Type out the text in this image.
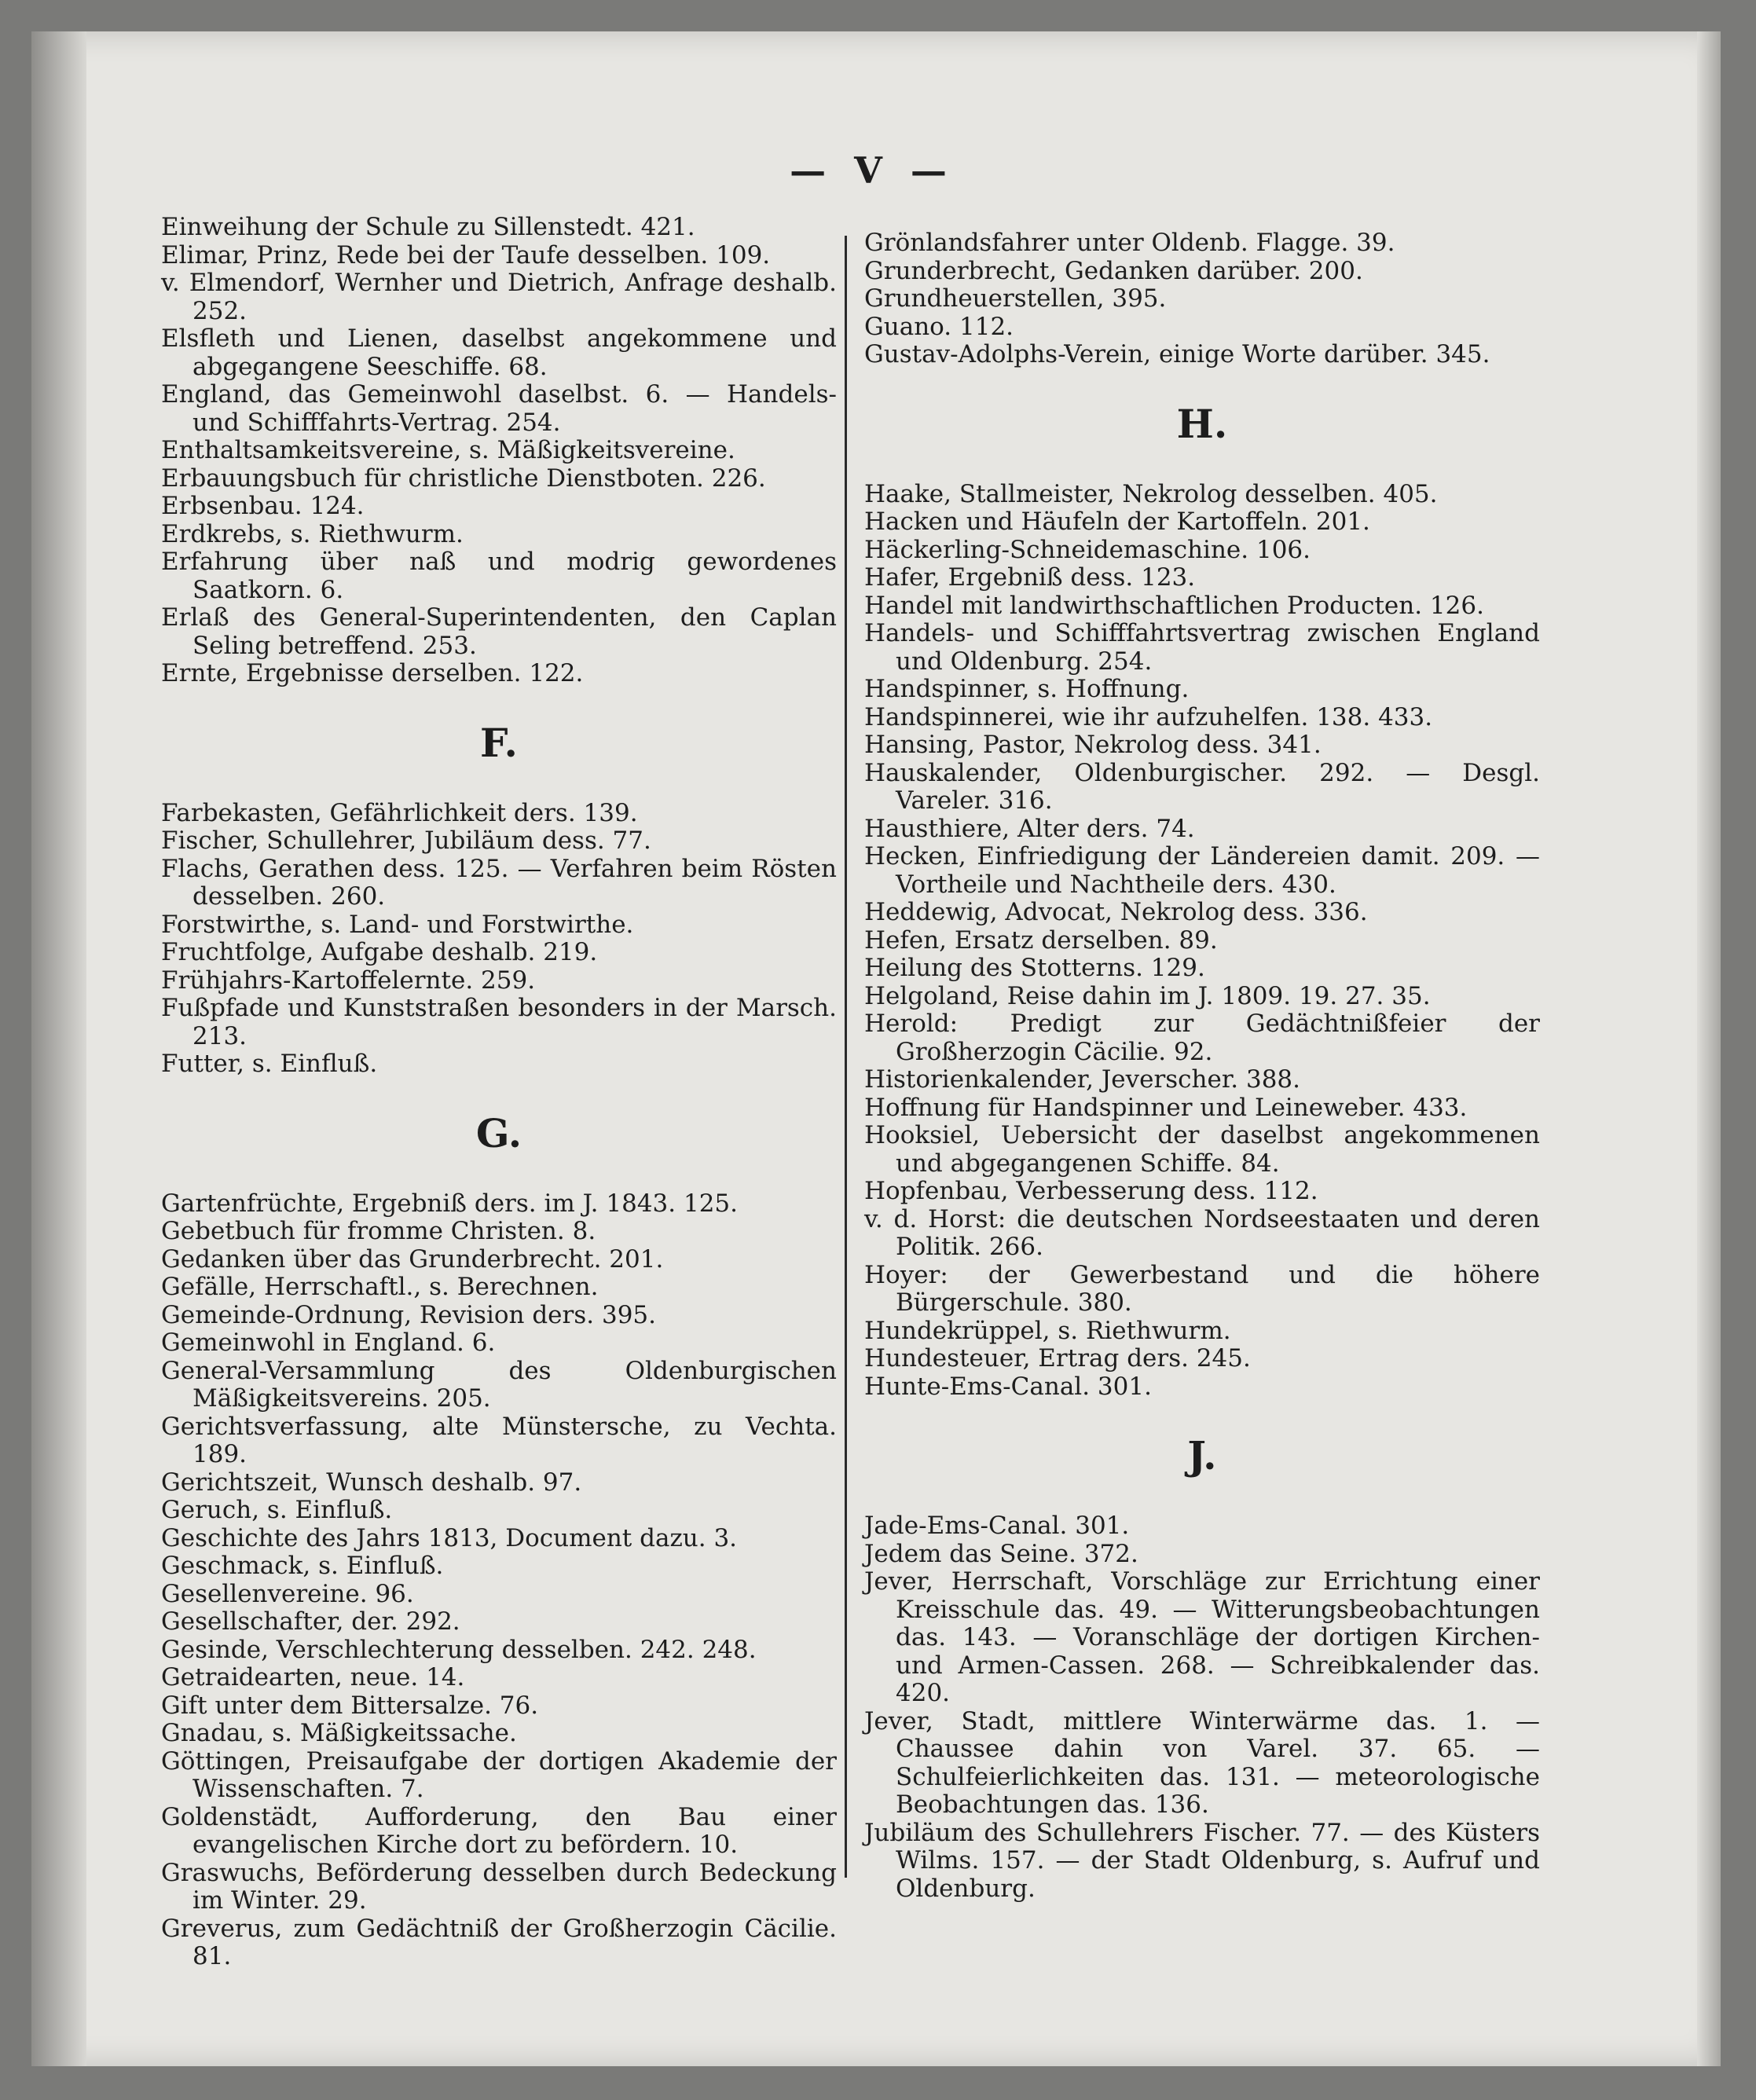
— V —

Einweihung der Schule zu Sillenstedt. 421.

Elimar, Prinz, Rede bei der Taufe desselben. 109.

v. Elmendorf, Wernher und Dietrich, Anfrage deshalb. 252.

Elsfleth und Lienen, daselbst angekommene und abgegangene Seeschiffe. 68.

England, das Gemeinwohl daselbst. 6. — Handels- und Schifffahrts-Vertrag. 254.

Enthaltsamkeitsvereine, s. Mäßigkeitsvereine.

Erbauungsbuch für christliche Dienstboten. 226.

Erbsenbau. 124.

Erdkrebs, s. Riethwurm.

Erfahrung über naß und modrig gewordenes Saatkorn. 6.

Erlaß des General-Superintendenten, den Caplan Seling betreffend. 253.

Ernte, Ergebnisse derselben. 122.

F.

Farbekasten, Gefährlichkeit ders. 139.

Fischer, Schullehrer, Jubiläum dess. 77.

Flachs, Gerathen dess. 125. — Verfahren beim Rösten desselben. 260.

Forstwirthe, s. Land- und Forstwirthe.

Fruchtfolge, Aufgabe deshalb. 219.

Frühjahrs-Kartoffelernte. 259.

Fußpfade und Kunststraßen besonders in der Marsch. 213.

Futter, s. Einfluß.

G.

Gartenfrüchte, Ergebniß ders. im J. 1843. 125.

Gebetbuch für fromme Christen. 8.

Gedanken über das Grunderbrecht. 201.

Gefälle, Herrschaftl., s. Berechnen.

Gemeinde-Ordnung, Revision ders. 395.

Gemeinwohl in England. 6.

General-Versammlung des Oldenburgischen Mäßigkeitsvereins. 205.

Gerichtsverfassung, alte Münstersche, zu Vechta. 189.

Gerichtszeit, Wunsch deshalb. 97.

Geruch, s. Einfluß.

Geschichte des Jahrs 1813, Document dazu. 3.

Geschmack, s. Einfluß.

Gesellenvereine. 96.

Gesellschafter, der. 292.

Gesinde, Verschlechterung desselben. 242. 248.

Getraidearten, neue. 14.

Gift unter dem Bittersalze. 76.

Gnadau, s. Mäßigkeitssache.

Göttingen, Preisaufgabe der dortigen Akademie der Wissenschaften. 7.

Goldenstädt, Aufforderung, den Bau einer evangelischen Kirche dort zu befördern. 10.

Graswuchs, Beförderung desselben durch Bedeckung im Winter. 29.

Greverus, zum Gedächtniß der Großherzogin Cäcilie. 81.

Grönlandsfahrer unter Oldenb. Flagge. 39.

Grunderbrecht, Gedanken darüber. 200.

Grundheuerstellen, 395.

Guano. 112.

Gustav-Adolphs-Verein, einige Worte darüber. 345.

H.

Haake, Stallmeister, Nekrolog desselben. 405.

Hacken und Häufeln der Kartoffeln. 201.

Häckerling-Schneidemaschine. 106.

Hafer, Ergebniß dess. 123.

Handel mit landwirthschaftlichen Producten. 126.

Handels- und Schifffahrtsvertrag zwischen England und Oldenburg. 254.

Handspinner, s. Hoffnung.

Handspinnerei, wie ihr aufzuhelfen. 138. 433.

Hansing, Pastor, Nekrolog dess. 341.

Hauskalender, Oldenburgischer. 292. — Desgl. Vareler. 316.

Hausthiere, Alter ders. 74.

Hecken, Einfriedigung der Ländereien damit. 209. — Vortheile und Nachtheile ders. 430.

Heddewig, Advocat, Nekrolog dess. 336.

Hefen, Ersatz derselben. 89.

Heilung des Stotterns. 129.

Helgoland, Reise dahin im J. 1809. 19. 27. 35.

Herold: Predigt zur Gedächtnißfeier der Großherzogin Cäcilie. 92.

Historienkalender, Jeverscher. 388.

Hoffnung für Handspinner und Leineweber. 433.

Hooksiel, Uebersicht der daselbst angekommenen und abgegangenen Schiffe. 84.

Hopfenbau, Verbesserung dess. 112.

v. d. Horst: die deutschen Nordseestaaten und deren Politik. 266.

Hoyer: der Gewerbestand und die höhere Bürgerschule. 380.

Hundekrüppel, s. Riethwurm.

Hundesteuer, Ertrag ders. 245.

Hunte-Ems-Canal. 301.

J.

Jade-Ems-Canal. 301.

Jedem das Seine. 372.

Jever, Herrschaft, Vorschläge zur Errichtung einer Kreisschule das. 49. — Witterungsbeobachtungen das. 143. — Voranschläge der dortigen Kirchen- und Armen-Cassen. 268. — Schreibkalender das. 420.

Jever, Stadt, mittlere Winterwärme das. 1. — Chaussee dahin von Varel. 37. 65. — Schulfeierlichkeiten das. 131. — meteorologische Beobachtungen das. 136.

Jubiläum des Schullehrers Fischer. 77. — des Küsters Wilms. 157. — der Stadt Oldenburg, s. Aufruf und Oldenburg.
